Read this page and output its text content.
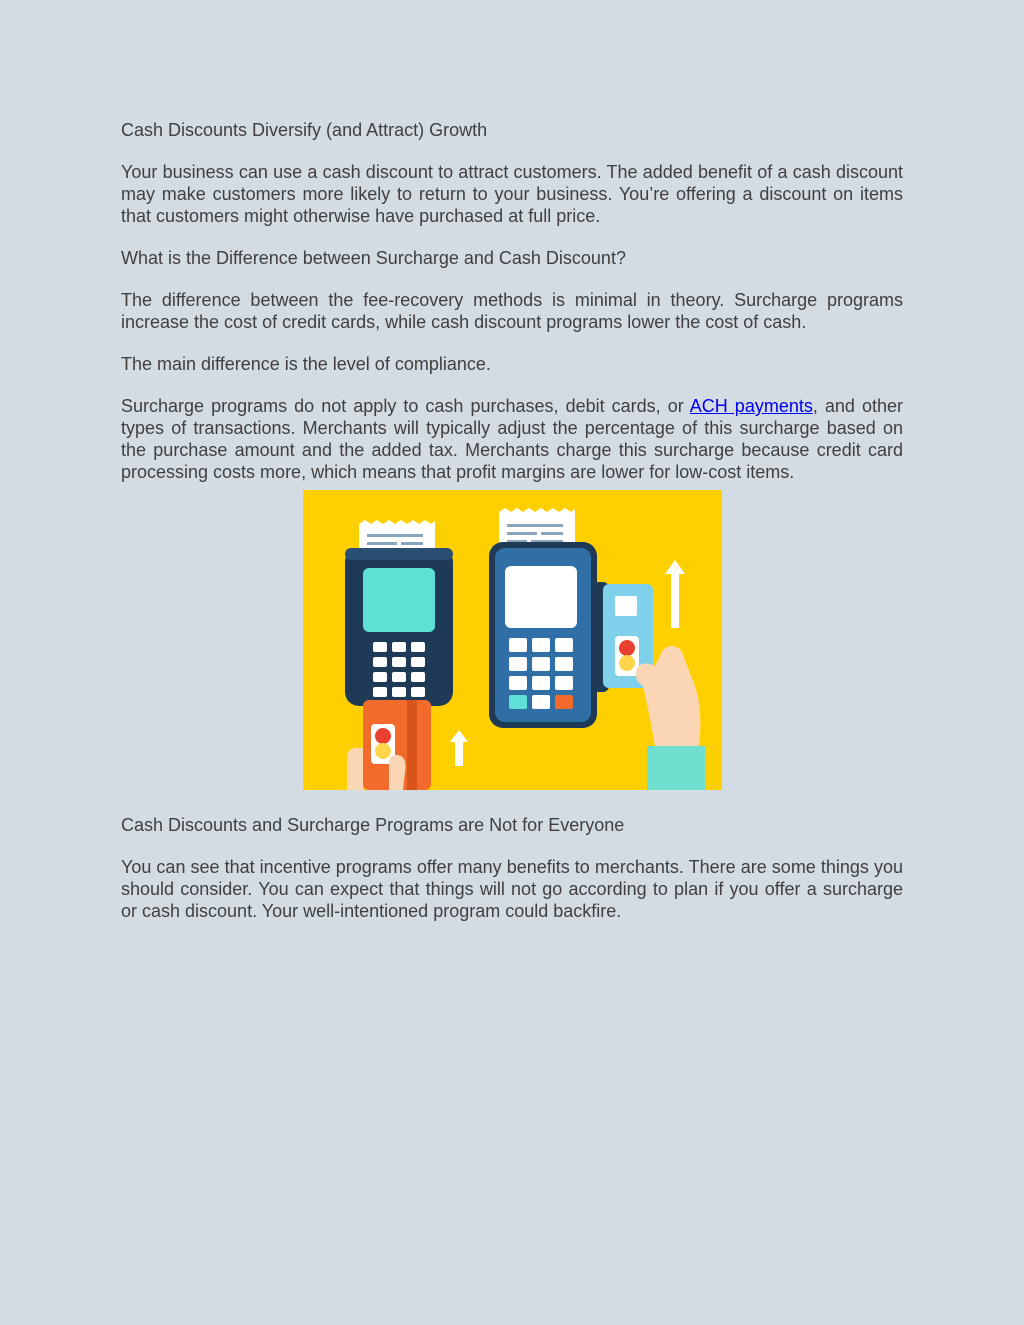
Cash Discounts Diversify (and Attract) Growth

Your business can use a cash discount to attract customers. The added benefit of a cash discount may make customers more likely to return to your business. You’re offering a discount on items that customers might otherwise have purchased at full price.

What is the Difference between Surcharge and Cash Discount?

The difference between the fee-recovery methods is minimal in theory. Surcharge programs increase the cost of credit cards, while cash discount programs lower the cost of cash.

The main difference is the level of compliance.

Surcharge programs do not apply to cash purchases, debit cards, or ACH payments, and other types of transactions. Merchants will typically adjust the percentage of this surcharge based on the purchase amount and the added tax. Merchants charge this surcharge because credit card processing costs more, which means that profit margins are lower for low-cost items.

Cash Discounts and Surcharge Programs are Not for Everyone

You can see that incentive programs offer many benefits to merchants. There are some things you should consider. You can expect that things will not go according to plan if you offer a surcharge or cash discount. Your well-intentioned program could backfire.
